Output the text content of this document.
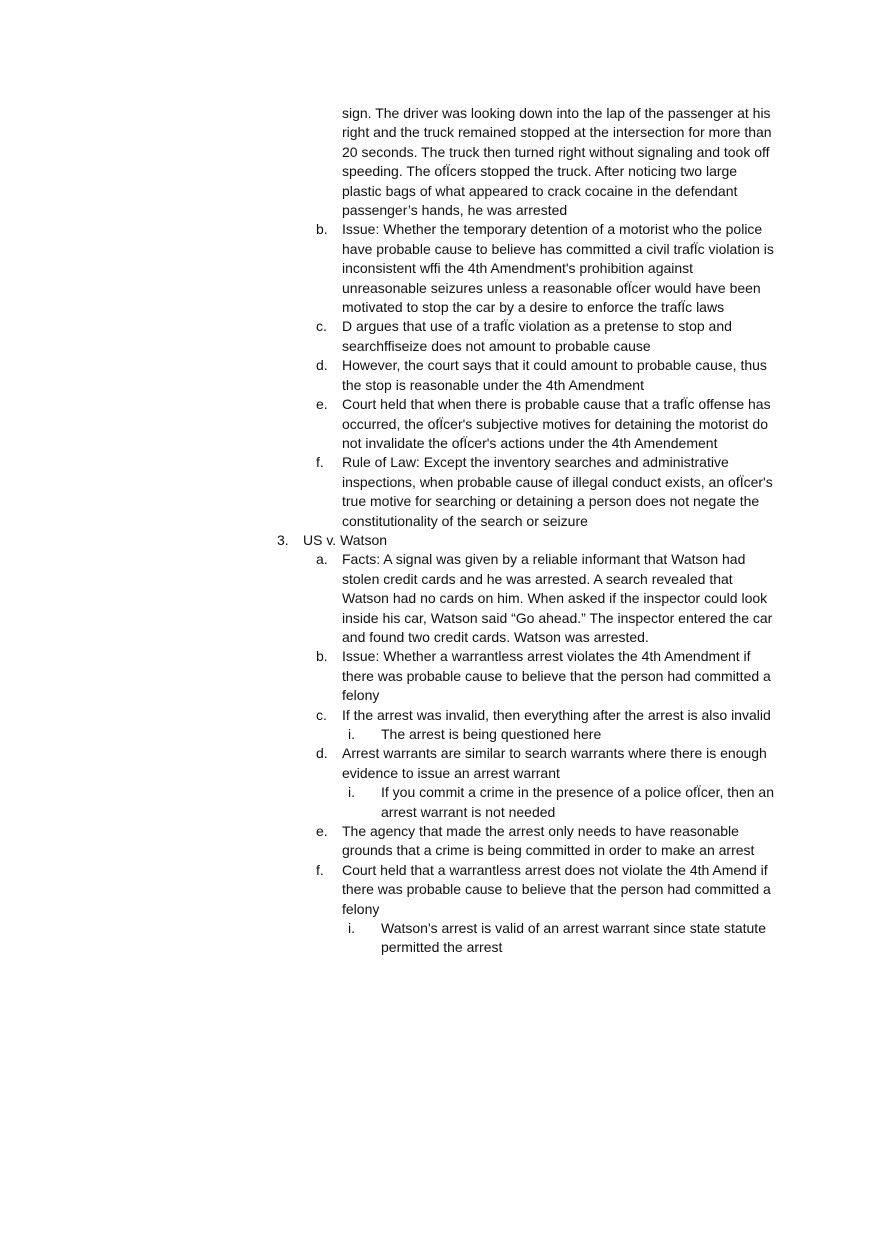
sign. The driver was looking down into the lap of the passenger at his right and the truck remained stopped at the intersection for more than 20 seconds. The truck then turned right without signaling and took off speeding. The ofÏcers stopped the truck. After noticing two large plastic bags of what appeared to crack cocaine in the defendant passenger’s hands, he was arrested
b. Issue: Whether the temporary detention of a motorist who the police have probable cause to believe has committed a civil trafÏc violation is inconsistent wffi the 4th Amendment's prohibition against unreasonable seizures unless a reasonable ofÏcer would have been motivated to stop the car by a desire to enforce the trafÏc laws
c. D argues that use of a trafÏc violation as a pretense to stop and searchffiseize does not amount to probable cause
d. However, the court says that it could amount to probable cause, thus the stop is reasonable under the 4th Amendment
e. Court held that when there is probable cause that a trafÏc offense has occurred, the ofÏcer's subjective motives for detaining the motorist do not invalidate the ofÏcer's actions under the 4th Amendement
f. Rule of Law: Except the inventory searches and administrative inspections, when probable cause of illegal conduct exists, an ofÏcer's true motive for searching or detaining a person does not negate the constitutionality of the search or seizure
3. US v. Watson
a. Facts: A signal was given by a reliable informant that Watson had stolen credit cards and he was arrested. A search revealed that Watson had no cards on him. When asked if the inspector could look inside his car, Watson said “Go ahead.” The inspector entered the car and found two credit cards. Watson was arrested.
b. Issue: Whether a warrantless arrest violates the 4th Amendment if there was probable cause to believe that the person had committed a felony
c. If the arrest was invalid, then everything after the arrest is also invalid
i. The arrest is being questioned here
d. Arrest warrants are similar to search warrants where there is enough evidence to issue an arrest warrant
i. If you commit a crime in the presence of a police ofÏcer, then an arrest warrant is not needed
e. The agency that made the arrest only needs to have reasonable grounds that a crime is being committed in order to make an arrest
f. Court held that a warrantless arrest does not violate the 4th Amend if there was probable cause to believe that the person had committed a felony
i. Watson's arrest is valid of an arrest warrant since state statute permitted the arrest
